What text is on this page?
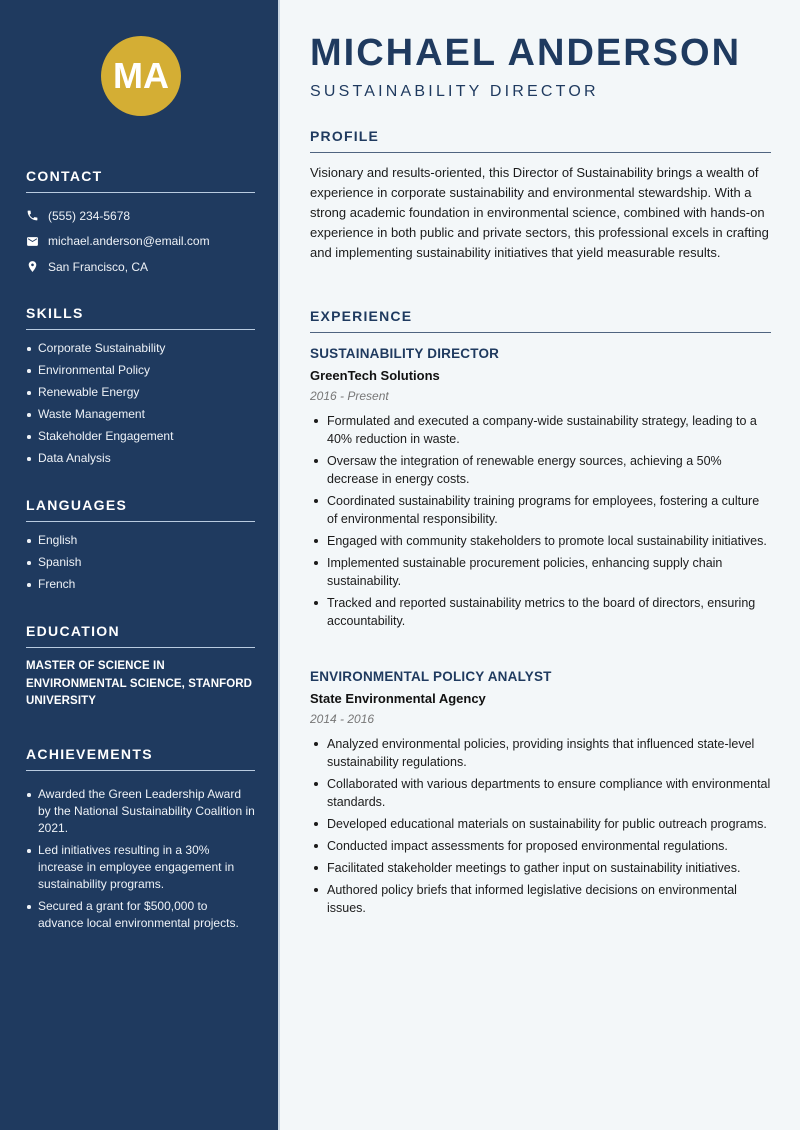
MA
CONTACT
(555) 234-5678
michael.anderson@email.com
San Francisco, CA
SKILLS
Corporate Sustainability
Environmental Policy
Renewable Energy
Waste Management
Stakeholder Engagement
Data Analysis
LANGUAGES
English
Spanish
French
EDUCATION
MASTER OF SCIENCE IN ENVIRONMENTAL SCIENCE, STANFORD UNIVERSITY
ACHIEVEMENTS
Awarded the Green Leadership Award by the National Sustainability Coalition in 2021.
Led initiatives resulting in a 30% increase in employee engagement in sustainability programs.
Secured a grant for $500,000 to advance local environmental projects.
MICHAEL ANDERSON
SUSTAINABILITY DIRECTOR
PROFILE

Visionary and results-oriented, this Director of Sustainability brings a wealth of experience in corporate sustainability and environmental stewardship. With a strong academic foundation in environmental science, combined with hands-on experience in both public and private sectors, this professional excels in crafting and implementing sustainability initiatives that yield measurable results.

EXPERIENCE
SUSTAINABILITY DIRECTOR
GreenTech Solutions
2016 - Present
Formulated and executed a company-wide sustainability strategy, leading to a 40% reduction in waste.
Oversaw the integration of renewable energy sources, achieving a 50% decrease in energy costs.
Coordinated sustainability training programs for employees, fostering a culture of environmental responsibility.
Engaged with community stakeholders to promote local sustainability initiatives.
Implemented sustainable procurement policies, enhancing supply chain sustainability.
Tracked and reported sustainability metrics to the board of directors, ensuring accountability.
ENVIRONMENTAL POLICY ANALYST
State Environmental Agency
2014 - 2016
Analyzed environmental policies, providing insights that influenced state-level sustainability regulations.
Collaborated with various departments to ensure compliance with environmental standards.
Developed educational materials on sustainability for public outreach programs.
Conducted impact assessments for proposed environmental regulations.
Facilitated stakeholder meetings to gather input on sustainability initiatives.
Authored policy briefs that informed legislative decisions on environmental issues.
